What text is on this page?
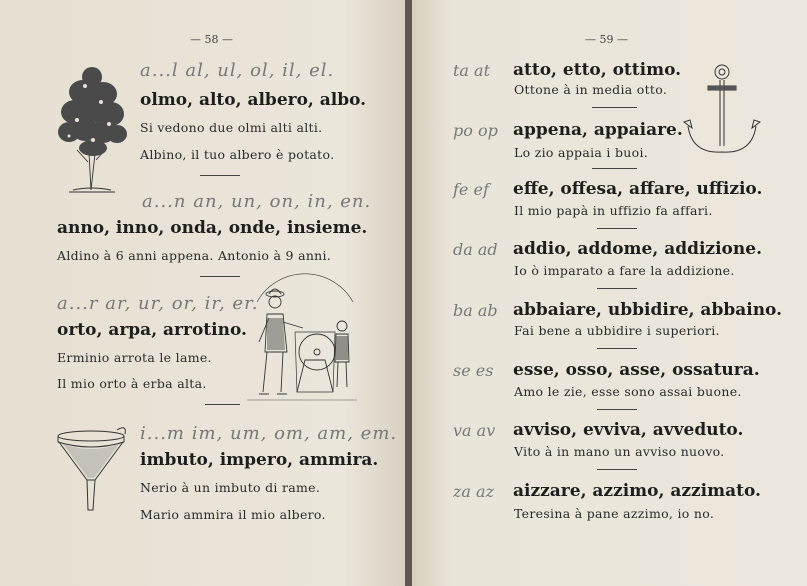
— 58 —
a...l al, ul, ol, il, el.
olmo, alto, albero, albo.
Si vedono due olmi alti alti.
Albino, il tuo albero è potato.
a...n an, un, on, in, en.
anno, inno, onda, onde, insieme.
Aldino à 6 anni appena. Antonio à 9 anni.
a...r ar, ur, or, ir, er.
orto, arpa, arrotino.
Erminio arrota le lame.
Il mio orto à erba alta.
i...m im, um, om, am, em.
imbuto, impero, ammira.
Nerio à un imbuto di rame.
Mario ammira il mio albero.
— 59 —
ta at atto, etto, ottimo.
Ottone à in media otto.
po op appena, appaiare.
Lo zio appaia i buoi.
fe ef effe, offesa, affare, uffizio.
Il mio papà in uffizio fa affari.
da ad addio, addome, addizione.
Io ò imparato a fare la addizione.
ba ab abbaiare, ubbidire, abbaino.
Fai bene a ubbidire i superiori.
se es esse, osso, asse, ossatura.
Amo le zie, esse sono assai buone.
va av avviso, evviva, avveduto.
Vito à in mano un avviso nuovo.
za az aizzare, azzimo, azzimato.
Teresina à pane azzimo, io no.
